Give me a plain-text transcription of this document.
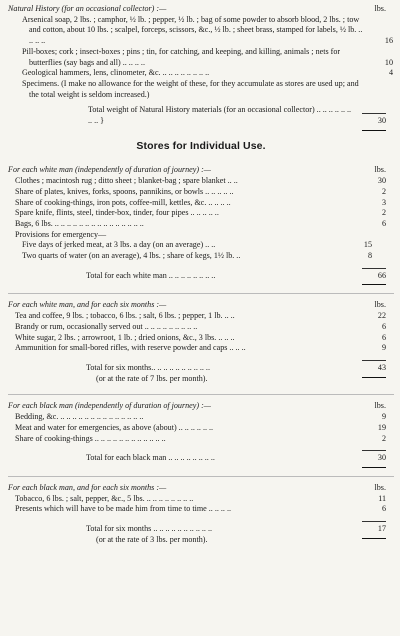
Natural History (for an occasional collector) :—	lbs.
Arsenical soap, 2 lbs. ; camphor, ½ lb. ; pepper, ½ lb. ; bag of some powder to absorb blood, 2 lbs. ; tow and cotton, about 10 lbs. ; scalpel, forceps, scissors, &c., ½ lb. ; sheet brass, stamped for labels, ½ lb. .. .. .. ..	16
Pill-boxes; cork ; insect-boxes ; pins ; tin, for catching, and keeping, and killing, animals ; nets for butterflies (say bags and all) .. .. .. ..	10
Geological hammers, lens, clinometer, &c. .. .. .. .. .. .. .. ..	4
Specimens. (I make no allowance for the weight of these, for they accumulate as stores are used up; and the total weight is seldom increased.)
Total weight of Natural History materials (for an occasional collector) .. .. .. .. .. .. .. .. }	30
Stores for Individual Use.
For each white man (independently of duration of journey) :—	lbs.
Clothes ; macintosh rug ; ditto sheet ; blanket-bag ; spare blanket .. ..	30
Share of plates, knives, forks, spoons, pannikins, or bowls .. .. .. .. ..	2
Share of cooking-things, iron pots, coffee-mill, kettles, &c. .. .. .. ..	3
Spare knife, flints, steel, tinder-box, tinder, four pipes .. .. .. .. ..	2
Bags, 6 lbs. .. .. .. .. .. .. .. .. .. .. .. .. .. .. ..	6
Provisions for emergency—
Five days of jerked meat, at 3 lbs. a day (on an average) .. ..	15
Two quarts of water (on an average), 4 lbs. ; share of kegs, 1½ lb. ..	8
Total for each white man .. .. .. .. .. .. .. ..	66
For each white man, and for each six months :—	lbs.
Tea and coffee, 9 lbs. ; tobacco, 6 lbs. ; salt, 6 lbs. ; pepper, 1 lb. .. ..	22
Brandy or rum, occasionally served out .. .. .. .. .. .. .. .. ..	6
White sugar, 2 lbs. ; arrowroot, 1 lb. ; dried onions, &c., 3 lbs. .. .. ..	6
Ammunition for small-bored rifles, with reserve powder and caps .. .. ..	9
Total for six months.. .. .. .. .. .. .. .. .. ..	43
(or at the rate of 7 lbs. per month).
For each black man (independently of duration of journey) :—	lbs.
Bedding, &c. .. .. .. .. .. .. .. .. .. .. .. .. .. ..	9
Meat and water for emergencies, as above (about) .. .. .. .. .. ..	19
Share of cooking-things .. .. .. .. .. .. .. .. .. .. .. ..	2
Total for each black man .. .. .. .. .. .. .. ..	30
For each black man, and for each six months :—	lbs.
Tobacco, 6 lbs. ; salt, pepper, &c., 5 lbs. .. .. .. .. .. .. .. ..	11
Presents which will have to be made him from time to time .. .. .. ..	6
Total for six months .. .. .. .. .. .. .. .. .. ..	17
(or at the rate of 3 lbs. per month).
